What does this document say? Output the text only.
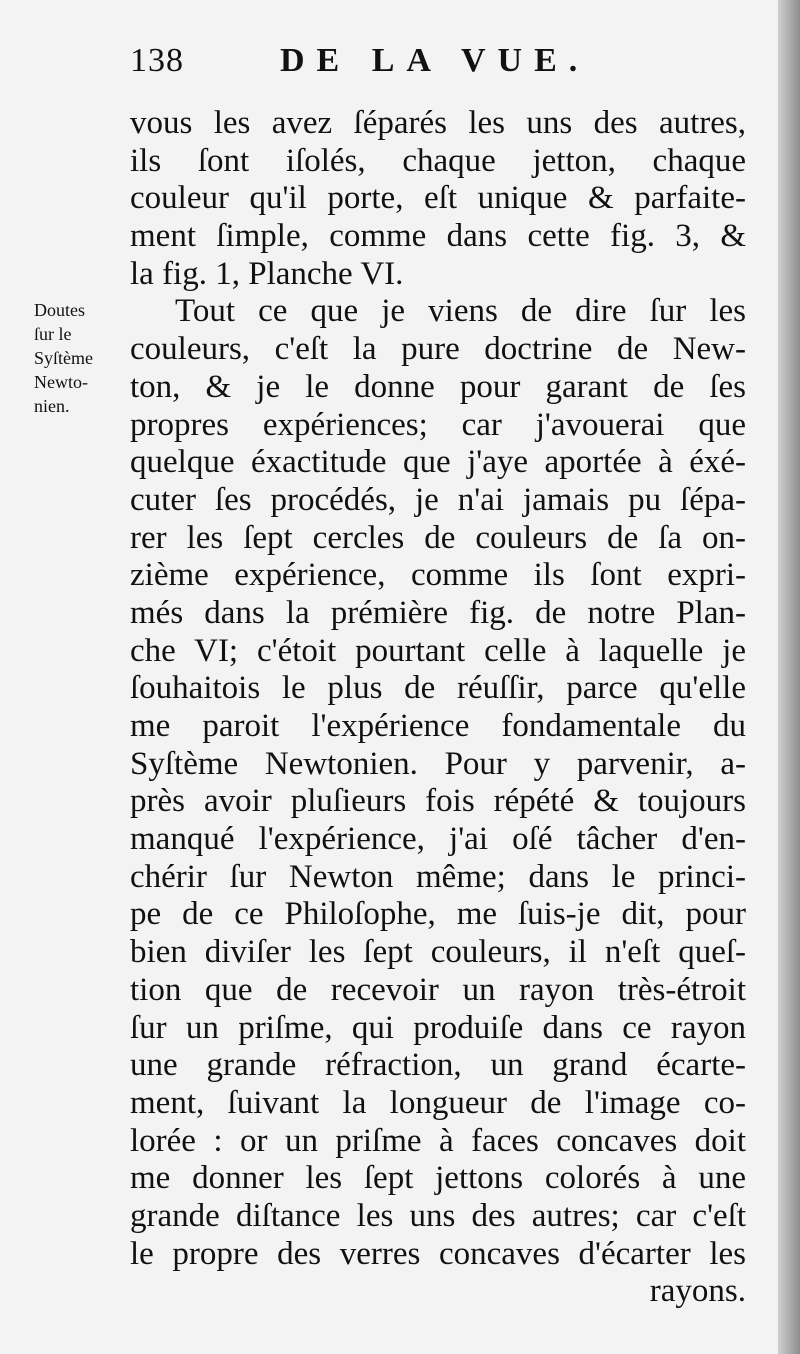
138	DE LA VUE.
Doutes
ſur le
Syſtème
Newto-
nien.
vous les avez ſéparés les uns des autres,
ils ſont iſolés, chaque jetton, chaque
couleur qu'il porte, eſt unique & parfaite-
ment ſimple, comme dans cette fig. 3, &
la fig. 1, Planche VI.
Tout ce que je viens de dire ſur les
couleurs, c'eſt la pure doctrine de New-
ton, & je le donne pour garant de ſes
propres expériences; car j'avouerai que
quelque éxactitude que j'aye aportée à éxé-
cuter ſes procédés, je n'ai jamais pu ſépa-
rer les ſept cercles de couleurs de ſa on-
zième expérience, comme ils ſont expri-
més dans la prémière fig. de notre Plan-
che VI; c'étoit pourtant celle à laquelle je
ſouhaitois le plus de réuſſir, parce qu'elle
me paroit l'expérience fondamentale du
Syſtème Newtonien. Pour y parvenir, a-
près avoir pluſieurs fois répété & toujours
manqué l'expérience, j'ai oſé tâcher d'en-
chérir ſur Newton même; dans le princi-
pe de ce Philoſophe, me ſuis-je dit, pour
bien diviſer les ſept couleurs, il n'eſt queſ-
tion que de recevoir un rayon très-étroit
ſur un priſme, qui produiſe dans ce rayon
une grande réfraction, un grand écarte-
ment, ſuivant la longueur de l'image co-
lorée : or un priſme à faces concaves doit
me donner les ſept jettons colorés à une
grande diſtance les uns des autres; car c'eſt
le propre des verres concaves d'écarter les
rayons.
